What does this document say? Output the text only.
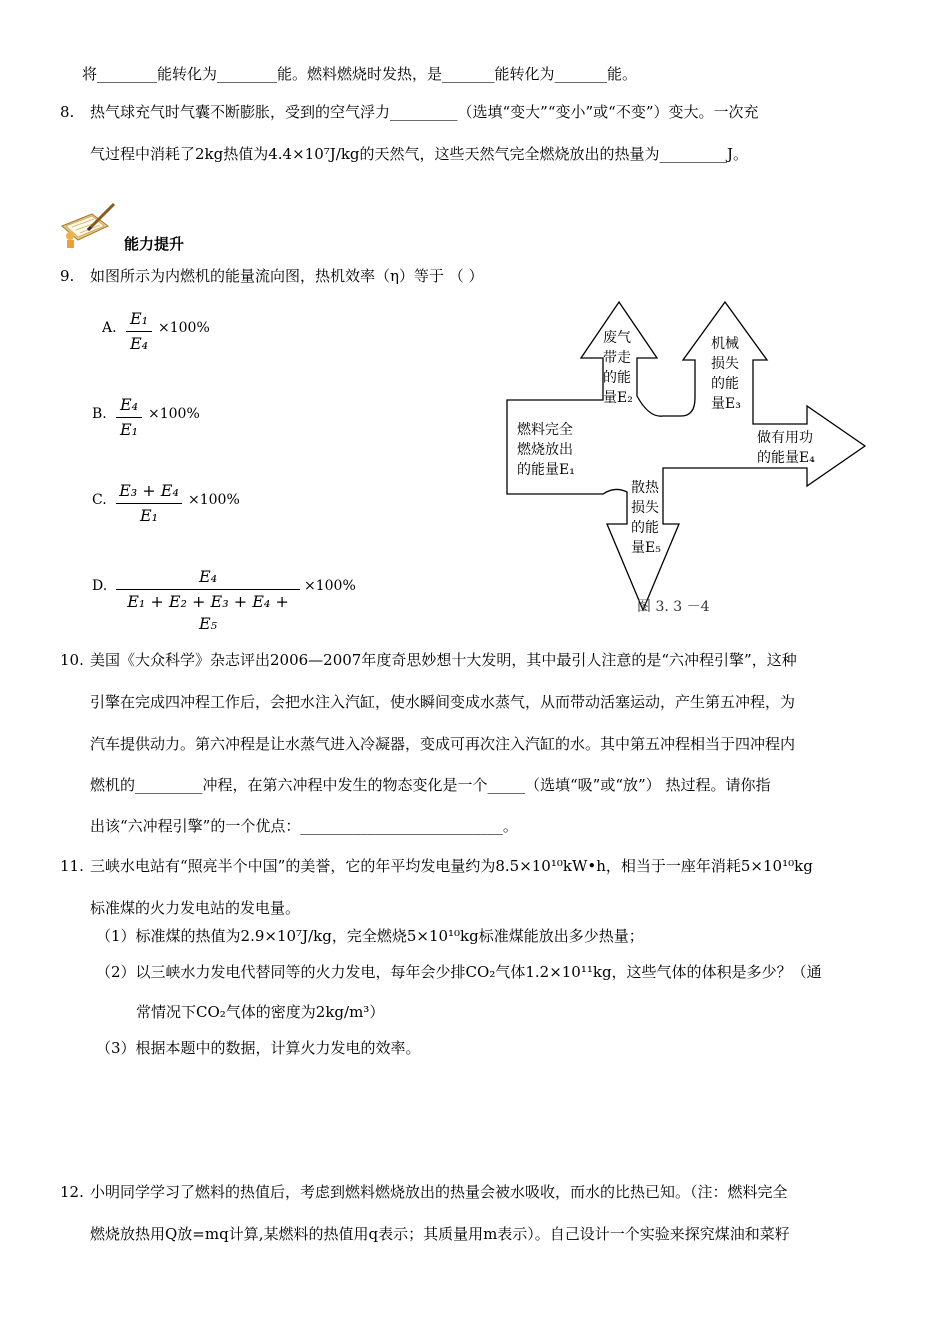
将________能转化为________能。燃料燃烧时发热，是_______能转化为_______能。
8. 热气球充气时气囊不断膨胀，受到的空气浮力_________（选填“变大”“变小”或“不变”）变大。一次充
气过程中消耗了2kg热值为4.4×10⁷J/kg的天然气，这些天然气完全燃烧放出的热量为_________J。
能力提升
9. 如图所示为内燃机的能量流向图，热机效率（η）等于 （ ）
A. E₁
E₄
×100%
B. E₄
E₁
×100%
C. E₃ + E₄
E₁
×100%
D.	E₄
E₁ + E₂ + E₃ + E₄ + E₅
×100%
燃料完全
燃烧放出
的能量E₁
废气
带走
的能
量E₂
机械
损失
的能
量E₃
做有用功
的能量E₄
散热
损失
的能
量E₅
图 3. 3 －4
10. 美国《大众科学》杂志评出2006—2007年度奇思妙想十大发明，其中最引人注意的是“六冲程引擎”，这种
引擎在完成四冲程工作后，会把水注入汽缸，使水瞬间变成水蒸气，从而带动活塞运动，产生第五冲程，为
汽车提供动力。第六冲程是让水蒸气进入冷凝器，变成可再次注入汽缸的水。其中第五冲程相当于四冲程内
燃机的_________冲程，在第六冲程中发生的物态变化是一个_____（选填“吸”或“放”） 热过程。请你指
出该“六冲程引擎”的一个优点：___________________________。
11. 三峡水电站有“照亮半个中国”的美誉，它的年平均发电量约为8.5×10¹⁰kW•h，相当于一座年消耗5×10¹⁰kg
标准煤的火力发电站的发电量。
（1）标准煤的热值为2.9×10⁷J/kg，完全燃烧5×10¹⁰kg标准煤能放出多少热量；
（2）以三峡水力发电代替同等的火力发电，每年会少排CO₂气体1.2×10¹¹kg，这些气体的体积是多少？（通
常情况下CO₂气体的密度为2kg/m³）
（3）根据本题中的数据，计算火力发电的效率。
12. 小明同学学习了燃料的热值后，考虑到燃料燃烧放出的热量会被水吸收，而水的比热已知。（注：燃料完全
燃烧放热用Q放=mq计算,某燃料的热值用q表示；其质量用m表示）。自己设计一个实验来探究煤油和菜籽
